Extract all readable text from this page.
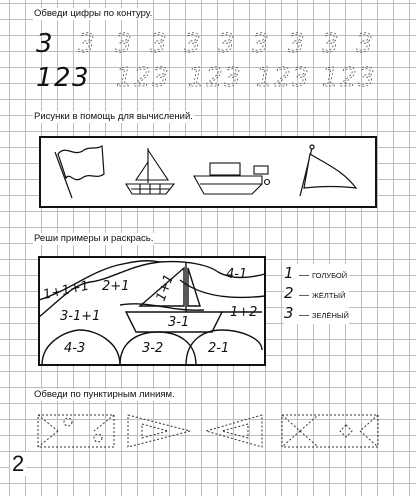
Обведи цифры по контуру.
Рисунки в помощь для вычислений.
Реши примеры и раскрась.
Обведи по пунктирным линиям.
3 3 3 3 3 3 3 3 3 3
1 2 3 1 2 3 1 2 3 1 2 3 1 2 3
1+1+1 2+1
4-1
1+1
3-1+1	3-1
1+2
4-3	3-2	2-1
1 — ГОЛУБОЙ
2 — ЖЁЛТЫЙ
3 — ЗЕЛЁНЫЙ
2
